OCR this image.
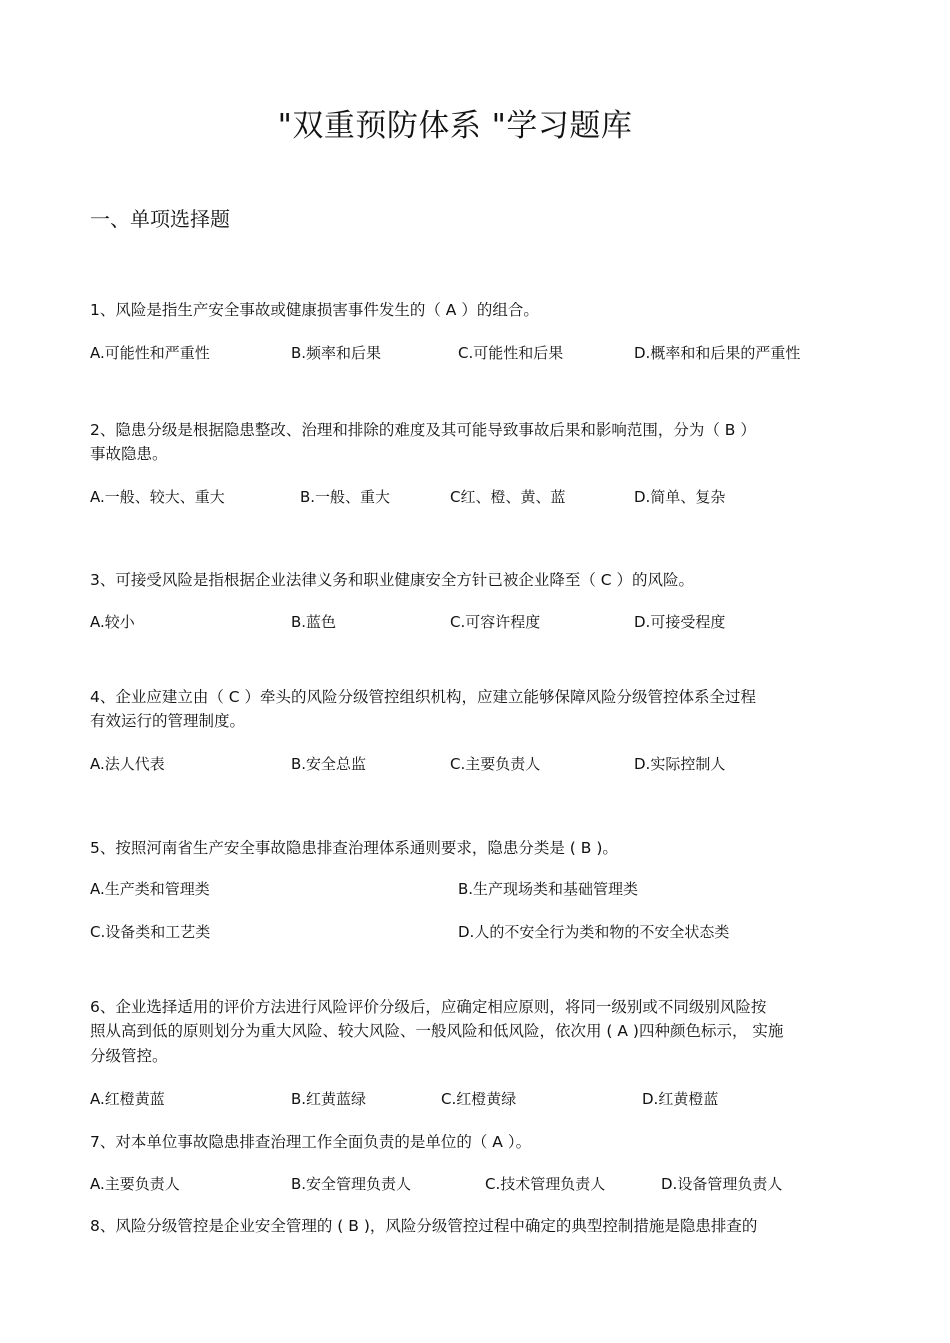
"双重预防体系 "学习题库
一、单项选择题
1、风险是指生产安全事故或健康损害事件发生的（ A ）的组合。
A.可能性和严重性	B.频率和后果	C.可能性和后果	D.概率和和后果的严重性
2、隐患分级是根据隐患整改、治理和排除的难度及其可能导致事故后果和影响范围，分为（ B ）
事故隐患。
A.一般、较大、重大	B.一般、重大	C红、橙、黄、蓝	D.简单、复杂
3、可接受风险是指根据企业法律义务和职业健康安全方针已被企业降至（ C ）的风险。
A.较小	B.蓝色	C.可容许程度	D.可接受程度
4、企业应建立由（ C ）牵头的风险分级管控组织机构，应建立能够保障风险分级管控体系全过程
有效运行的管理制度。
A.法人代表	B.安全总监	C.主要负责人	D.实际控制人
5、按照河南省生产安全事故隐患排查治理体系通则要求，隐患分类是 ( B )。
A.生产类和管理类	B.生产现场类和基础管理类
C.设备类和工艺类	D.人的不安全行为类和物的不安全状态类
6、企业选择适用的评价方法进行风险评价分级后，应确定相应原则，将同一级别或不同级别风险按
照从高到低的原则划分为重大风险、较大风险、一般风险和低风险，依次用 ( A )四种颜色标示， 实施
分级管控。
A.红橙黄蓝	B.红黄蓝绿	C.红橙黄绿	D.红黄橙蓝
7、对本单位事故隐患排查治理工作全面负责的是单位的（ A ）。
A.主要负责人	B.安全管理负责人	C.技术管理负责人	D.设备管理负责人
8、风险分级管控是企业安全管理的 ( B )，风险分级管控过程中确定的典型控制措施是隐患排查的
